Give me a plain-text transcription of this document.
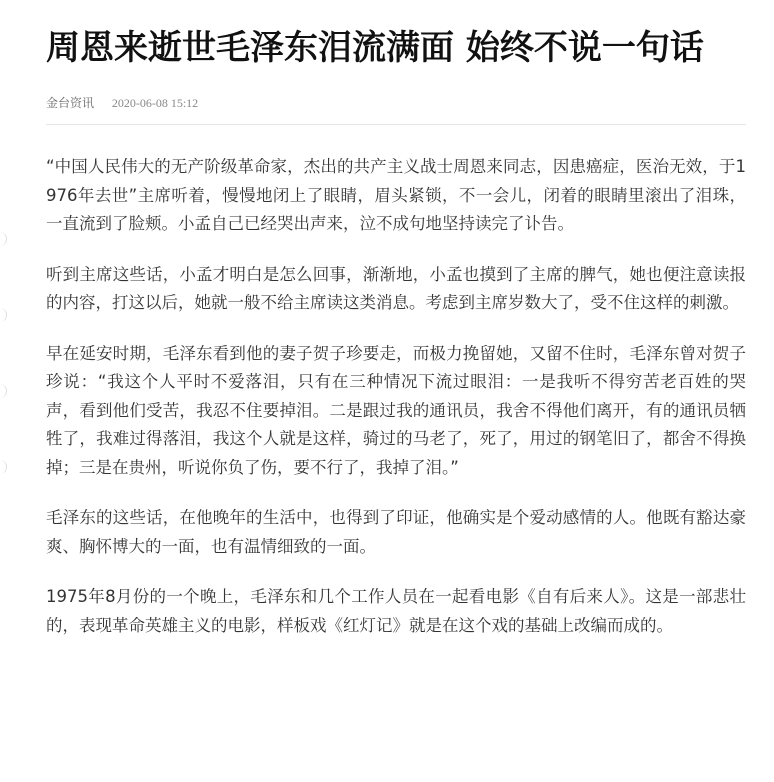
周恩来逝世毛泽东泪流满面 始终不说一句话
金台资讯 2020-06-08 15:12

“中国人民伟大的无产阶级革命家，杰出的共产主义战士周恩来同志，因患癌症，医治无效，于1976年去世”主席听着，慢慢地闭上了眼睛，眉头紧锁，不一会儿，闭着的眼睛里滚出了泪珠，一直流到了脸颊。小孟自己已经哭出声来，泣不成句地坚持读完了讣告。

听到主席这些话，小孟才明白是怎么回事，渐渐地，小孟也摸到了主席的脾气，她也便注意读报的内容，打这以后，她就一般不给主席读这类消息。考虑到主席岁数大了，受不住这样的刺激。

早在延安时期，毛泽东看到他的妻子贺子珍要走，而极力挽留她，又留不住时，毛泽东曾对贺子珍说：“我这个人平时不爱落泪，只有在三种情况下流过眼泪：一是我听不得穷苦老百姓的哭声，看到他们受苦，我忍不住要掉泪。二是跟过我的通讯员，我舍不得他们离开，有的通讯员牺牲了，我难过得落泪，我这个人就是这样，骑过的马老了，死了，用过的钢笔旧了，都舍不得换掉；三是在贵州，听说你负了伤，要不行了，我掉了泪。”

毛泽东的这些话，在他晚年的生活中，也得到了印证，他确实是个爱动感情的人。他既有豁达豪爽、胸怀博大的一面，也有温情细致的一面。

1975年8月份的一个晚上，毛泽东和几个工作人员在一起看电影《自有后来人》。这是一部悲壮的，表现革命英雄主义的电影，样板戏《红灯记》就是在这个戏的基础上改编而成的。
